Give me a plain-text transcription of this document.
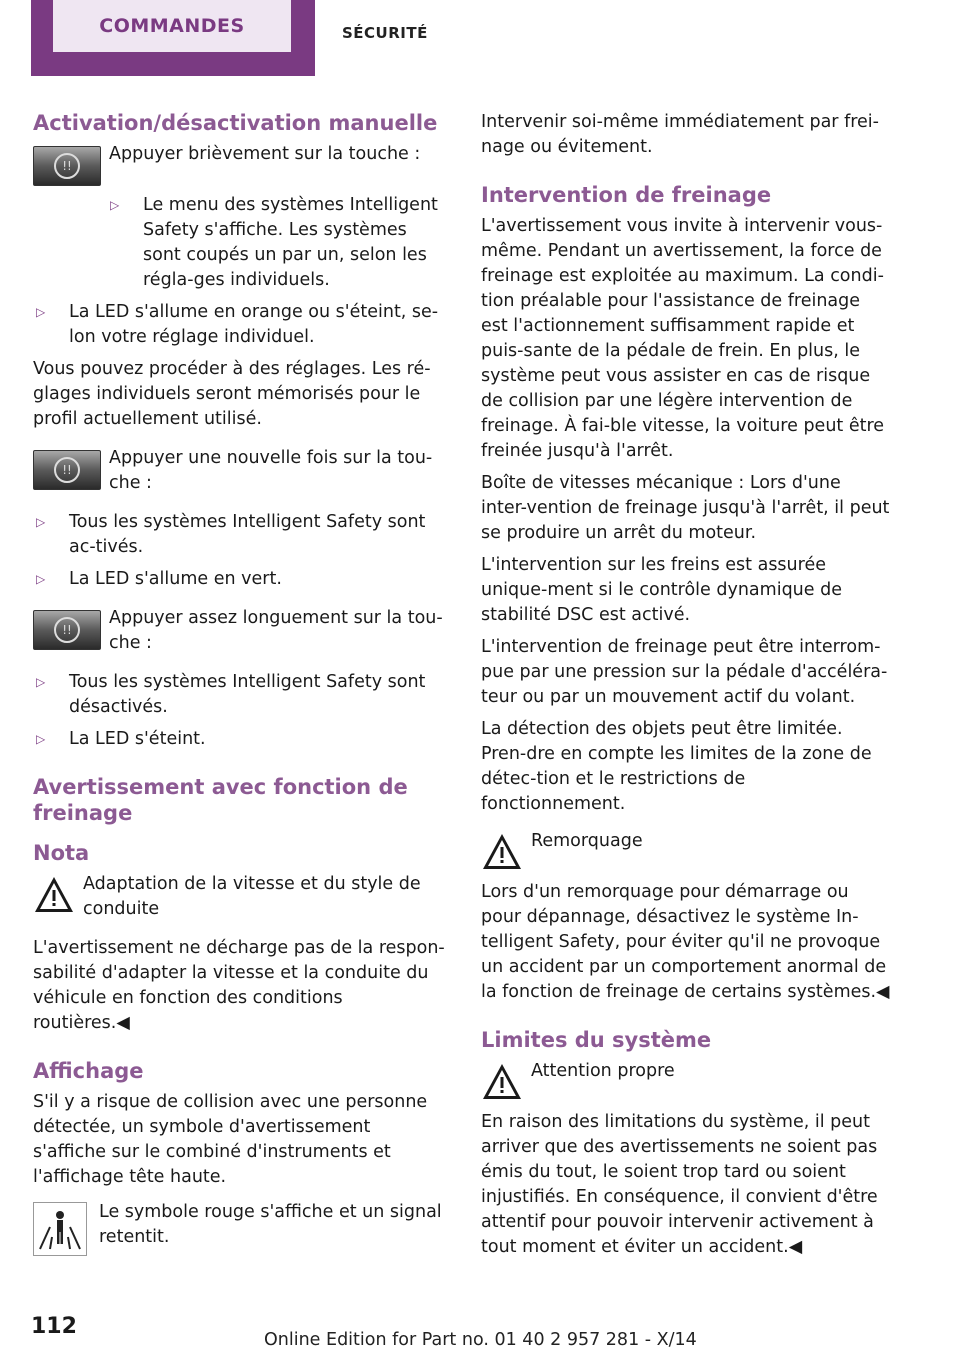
COMMANDES	SÉCURITÉ
Activation/désactivation manuelle
!!

Appuyer brièvement sur la touche :

▷	Le menu des systèmes Intelligent Safety s'affiche. Les systèmes sont coupés un par un, selon les régla-ges individuels.
▷	La LED s'allume en orange ou s'éteint, se-lon votre réglage individuel.

Vous pouvez procéder à des réglages. Les ré-glages individuels seront mémorisés pour le profil actuellement utilisé.

!!

Appuyer une nouvelle fois sur la tou-che :

▷	Tous les systèmes Intelligent Safety sont ac-tivés.
▷	La LED s'allume en vert.
!!

Appuyer assez longuement sur la tou-che :

▷	Tous les systèmes Intelligent Safety sont désactivés.
▷	La LED s'éteint.
Avertissement avec fonction de freinage
Nota

Adaptation de la vitesse et du style de conduite

L'avertissement ne décharge pas de la respon-sabilité d'adapter la vitesse et la conduite du véhicule en fonction des conditions routières.◀

Affichage

S'il y a risque de collision avec une personne détectée, un symbole d'avertissement s'affiche sur le combiné d'instruments et l'affichage tête haute.

Le symbole rouge s'affiche et un signal retentit.

Intervenir soi-même immédiatement par frei-nage ou évitement.

Intervention de freinage

L'avertissement vous invite à intervenir vous-même. Pendant un avertissement, la force de freinage est exploitée au maximum. La condi-tion préalable pour l'assistance de freinage est l'actionnement suffisamment rapide et puis-sante de la pédale de frein. En plus, le système peut vous assister en cas de risque de collision par une légère intervention de freinage. À fai-ble vitesse, la voiture peut être freinée jusqu'à l'arrêt.

Boîte de vitesses mécanique : Lors d'une inter-vention de freinage jusqu'à l'arrêt, il peut se produire un arrêt du moteur.

L'intervention sur les freins est assurée unique-ment si le contrôle dynamique de stabilité DSC est activé.

L'intervention de freinage peut être interrom-pue par une pression sur la pédale d'accéléra-teur ou par un mouvement actif du volant.

La détection des objets peut être limitée. Pren-dre en compte les limites de la zone de détec-tion et le restrictions de fonctionnement.

Remorquage

Lors d'un remorquage pour démarrage ou pour dépannage, désactivez le système In-telligent Safety, pour éviter qu'il ne provoque un accident par un comportement anormal de la fonction de freinage de certains systèmes.◀

Limites du système

Attention propre

En raison des limitations du système, il peut arriver que des avertissements ne soient pas émis du tout, le soient trop tard ou soient injustifiés. En conséquence, il convient d'être attentif pour pouvoir intervenir activement à tout moment et éviter un accident.◀

112
Online Edition for Part no. 01 40 2 957 281 - X/14
